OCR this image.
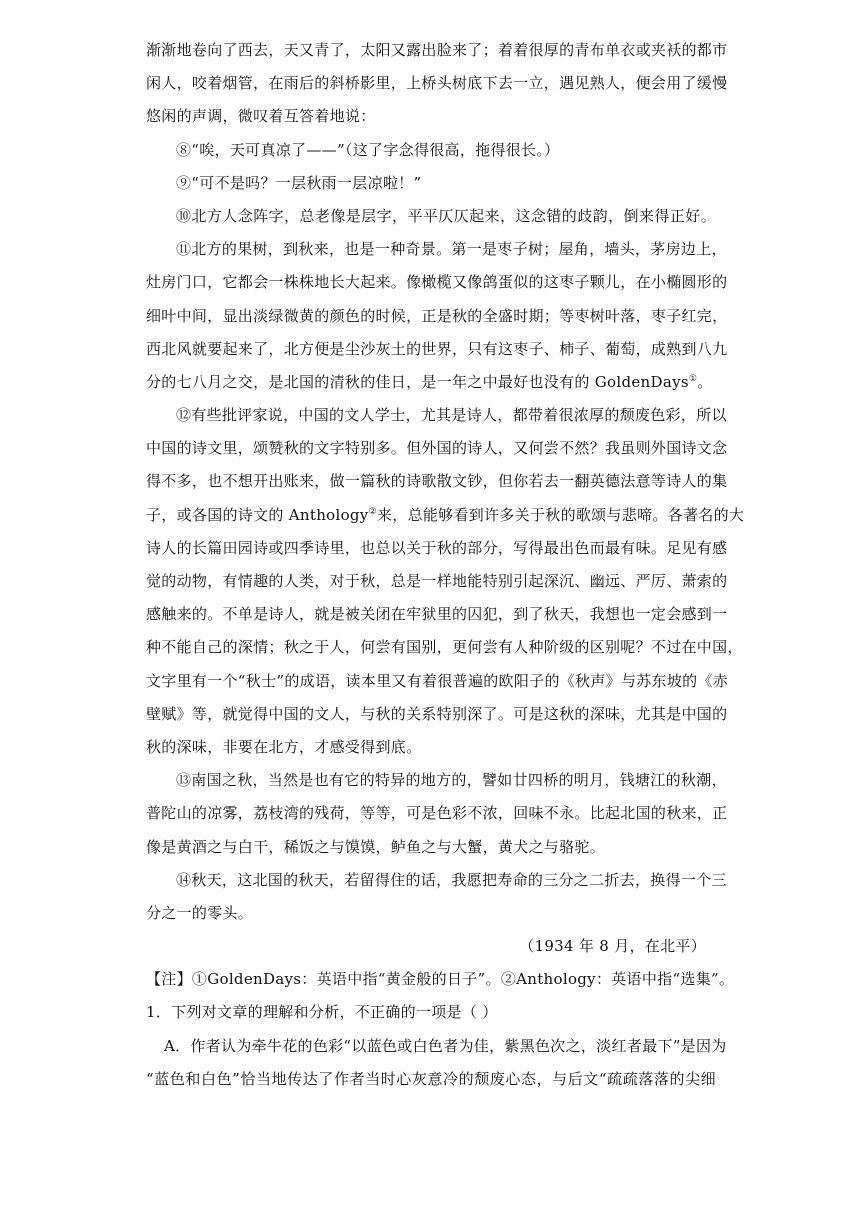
渐渐地卷向了西去，天又青了，太阳又露出脸来了；着着很厚的青布单衣或夹袄的都市
闲人，咬着烟管，在雨后的斜桥影里，上桥头树底下去一立，遇见熟人，便会用了缓慢
悠闲的声调，微叹着互答着地说：
⑧“唉，天可真凉了——”（这了字念得很高，拖得很长。）
⑨“可不是吗？一层秋雨一层凉啦！”
⑩北方人念阵字，总老像是层字，平平仄仄起来，这念错的歧韵，倒来得正好。
⑪北方的果树，到秋来，也是一种奇景。第一是枣子树；屋角，墙头，茅房边上，
灶房门口，它都会一株株地长大起来。像橄榄又像鸽蛋似的这枣子颗儿，在小椭圆形的
细叶中间，显出淡绿微黄的颜色的时候，正是秋的全盛时期；等枣树叶落，枣子红完，
西北风就要起来了，北方便是尘沙灰土的世界，只有这枣子、柿子、葡萄，成熟到八九
分的七八月之交，是北国的清秋的佳日，是一年之中最好也没有的 GoldenDays①。
⑫有些批评家说，中国的文人学士，尤其是诗人，都带着很浓厚的颓废色彩，所以
中国的诗文里，颂赞秋的文字特别多。但外国的诗人，又何尝不然？我虽则外国诗文念
得不多，也不想开出账来，做一篇秋的诗歌散文钞，但你若去一翻英德法意等诗人的集
子，或各国的诗文的 Anthology②来，总能够看到许多关于秋的歌颂与悲啼。各著名的大
诗人的长篇田园诗或四季诗里，也总以关于秋的部分，写得最出色而最有味。足见有感
觉的动物，有情趣的人类，对于秋，总是一样地能特别引起深沉、幽远、严厉、萧索的
感触来的。不单是诗人，就是被关闭在牢狱里的囚犯，到了秋天，我想也一定会感到一
种不能自己的深情；秋之于人，何尝有国别，更何尝有人种阶级的区别呢？不过在中国，
文字里有一个“秋士”的成语，读本里又有着很普遍的欧阳子的《秋声》与苏东坡的《赤
壁赋》等，就觉得中国的文人，与秋的关系特别深了。可是这秋的深味，尤其是中国的
秋的深味，非要在北方，才感受得到底。
⑬南国之秋，当然是也有它的特异的地方的，譬如廿四桥的明月，钱塘江的秋潮，
普陀山的凉雾，荔枝湾的残荷，等等，可是色彩不浓，回味不永。比起北国的秋来，正
像是黄酒之与白干，稀饭之与馍馍，鲈鱼之与大蟹，黄犬之与骆驼。
⑭秋天，这北国的秋天，若留得住的话，我愿把寿命的三分之二折去，换得一个三
分之一的零头。
（1934 年 8 月，在北平）
【注】①GoldenDays：英语中指“黄金般的日子”。②Anthology：英语中指“选集”。
1．下列对文章的理解和分析，不正确的一项是（ ）
A．作者认为牵牛花的色彩“以蓝色或白色者为佳，紫黑色次之，淡红者最下”是因为
“蓝色和白色”恰当地传达了作者当时心灰意冷的颓废心态，与后文“疏疏落落的尖细
